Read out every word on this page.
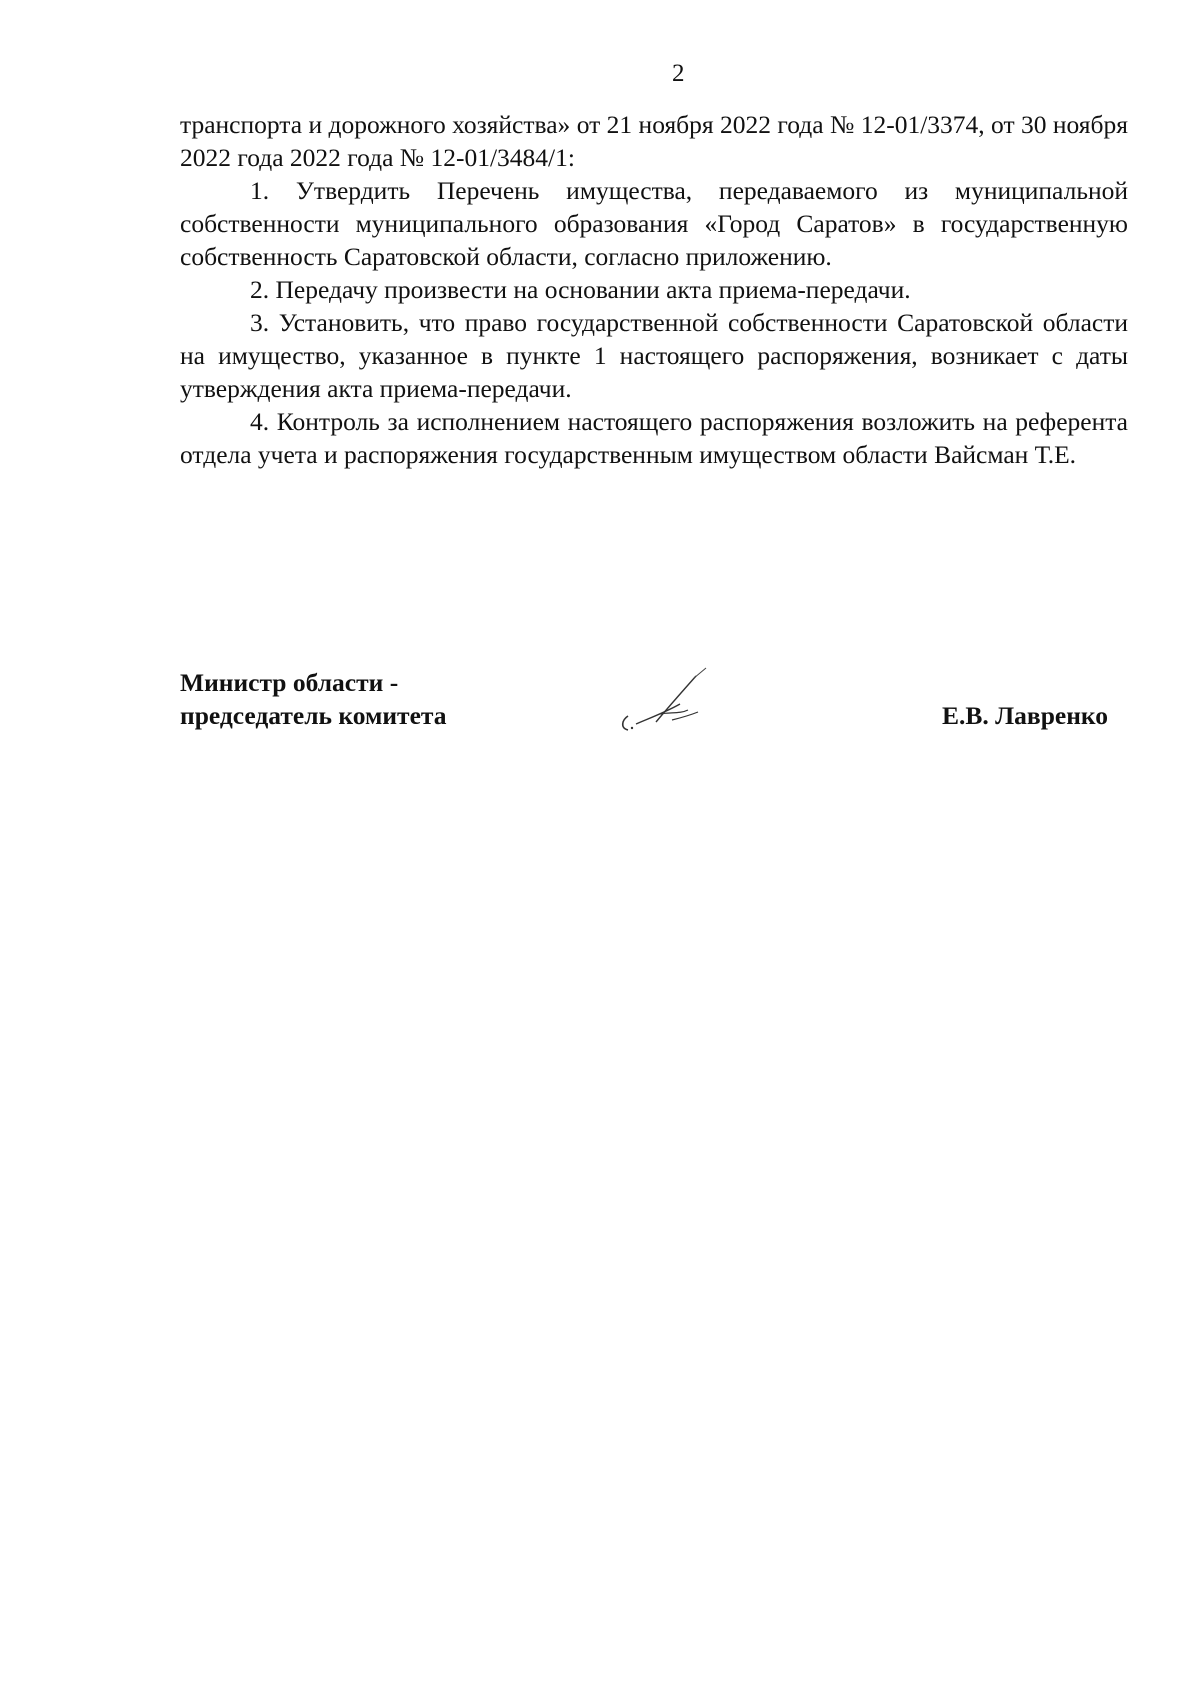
2

транспорта и дорожного хозяйства» от 21 ноября 2022 года № 12-01/3374, от 30 ноября 2022 года 2022 года № 12-01/3484/1:

1. Утвердить Перечень имущества, передаваемого из муниципальной собственности муниципального образования «Город Саратов» в государственную собственность Саратовской области, согласно приложению.

2. Передачу произвести на основании акта приема-передачи.

3. Установить, что право государственной собственности Саратовской области на имущество, указанное в пункте 1 настоящего распоряжения, возникает с даты утверждения акта приема-передачи.

4. Контроль за исполнением настоящего распоряжения возложить на референта отдела учета и распоряжения государственным имуществом области Вайсман Т.Е.

Министр области -
председатель комитета	Е.В. Лавренко
